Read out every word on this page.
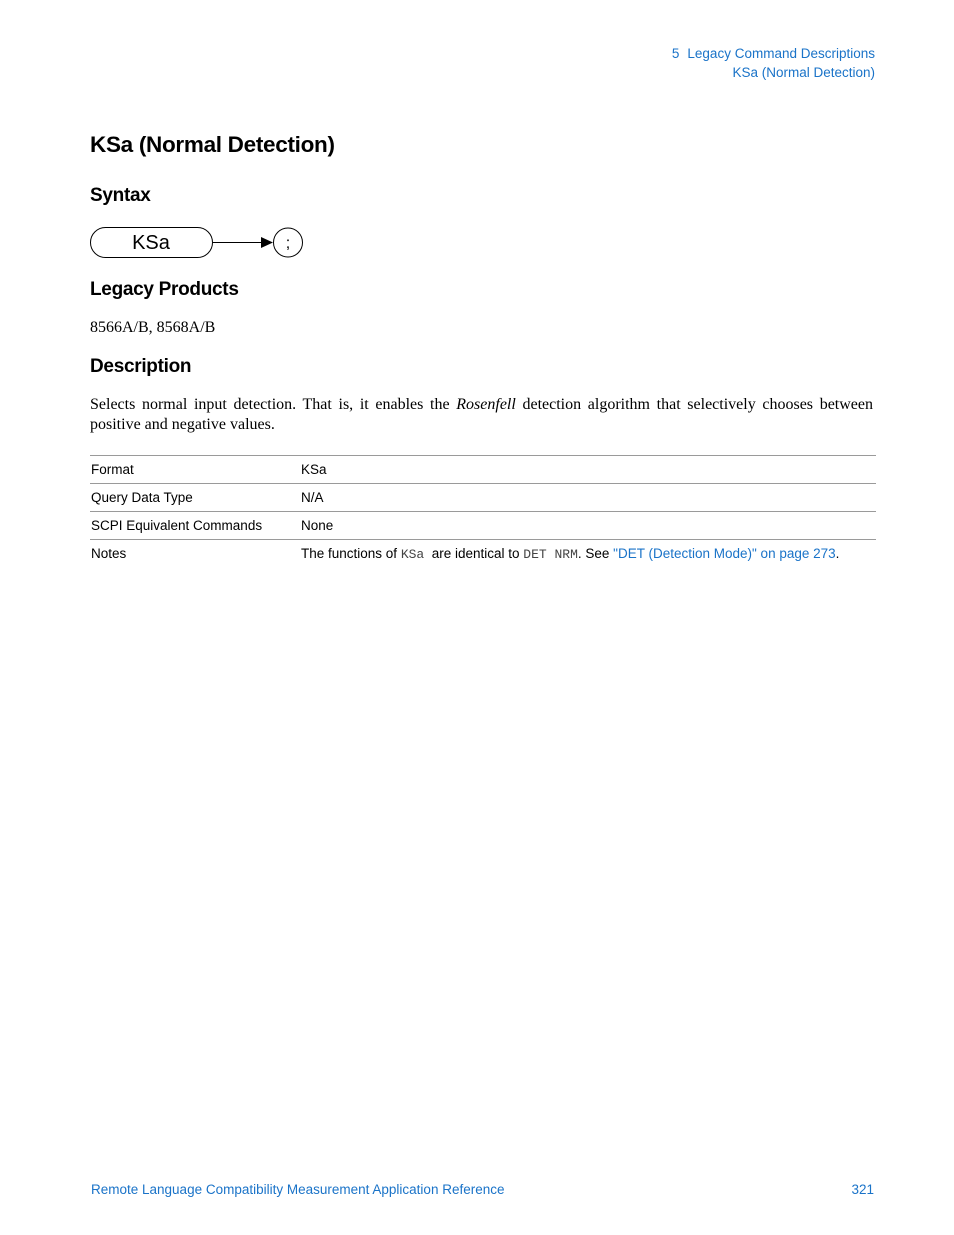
5 Legacy Command Descriptions
KSa (Normal Detection)
KSa (Normal Detection)
Syntax
KSa	;
Legacy Products
8566A/B, 8568A/B
Description
Selects normal input detection. That is, it enables the Rosenfell detection algorithm that selectively chooses between positive and negative values.
Format	KSa
Query Data Type	N/A
SCPI Equivalent Commands	None
Notes	The functions of KSa  are identical to DET NRM. See "DET (Detection Mode)" on page 273.
Remote Language Compatibility Measurement Application Reference	321
